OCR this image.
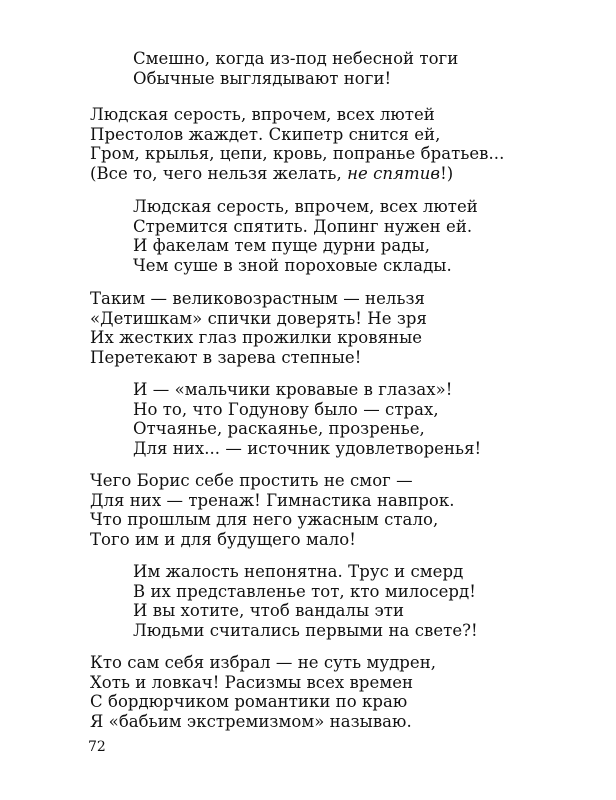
Смешно, когда из-под небесной тоги
Обычные выглядывают ноги!
Людская серость, впрочем, всех лютей
Престолов жаждет. Скипетр снится ей,
Гром, крылья, цепи, кровь, попранье братьев...
(Все то, чего нельзя желать, не спятив!)
Людская серость, впрочем, всех лютей
Стремится спятить. Допинг нужен ей.
И факелам тем пуще дурни рады,
Чем суше в зной пороховые склады.
Таким — великовозрастным — нельзя
«Детишкам» спички доверять! Не зря
Их жестких глаз прожилки кровяные
Перетекают в зарева степные!
И — «мальчики кровавые в глазах»!
Но то, что Годунову было — страх,
Отчаянье, раскаянье, прозренье,
Для них... — источник удовлетворенья!
Чего Борис себе простить не смог —
Для них — тренаж! Гимнастика навпрок.
Что прошлым для него ужасным стало,
Того им и для будущего мало!
Им жалость непонятна. Трус и смерд
В их представленье тот, кто милосерд!
И вы хотите, чтоб вандалы эти
Людьми считались первыми на свете?!
Кто сам себя избрал — не суть мудрен,
Хоть и ловкач! Расизмы всех времен
С бордюрчиком романтики по краю
Я «бабьим экстремизмом» называю.
72
